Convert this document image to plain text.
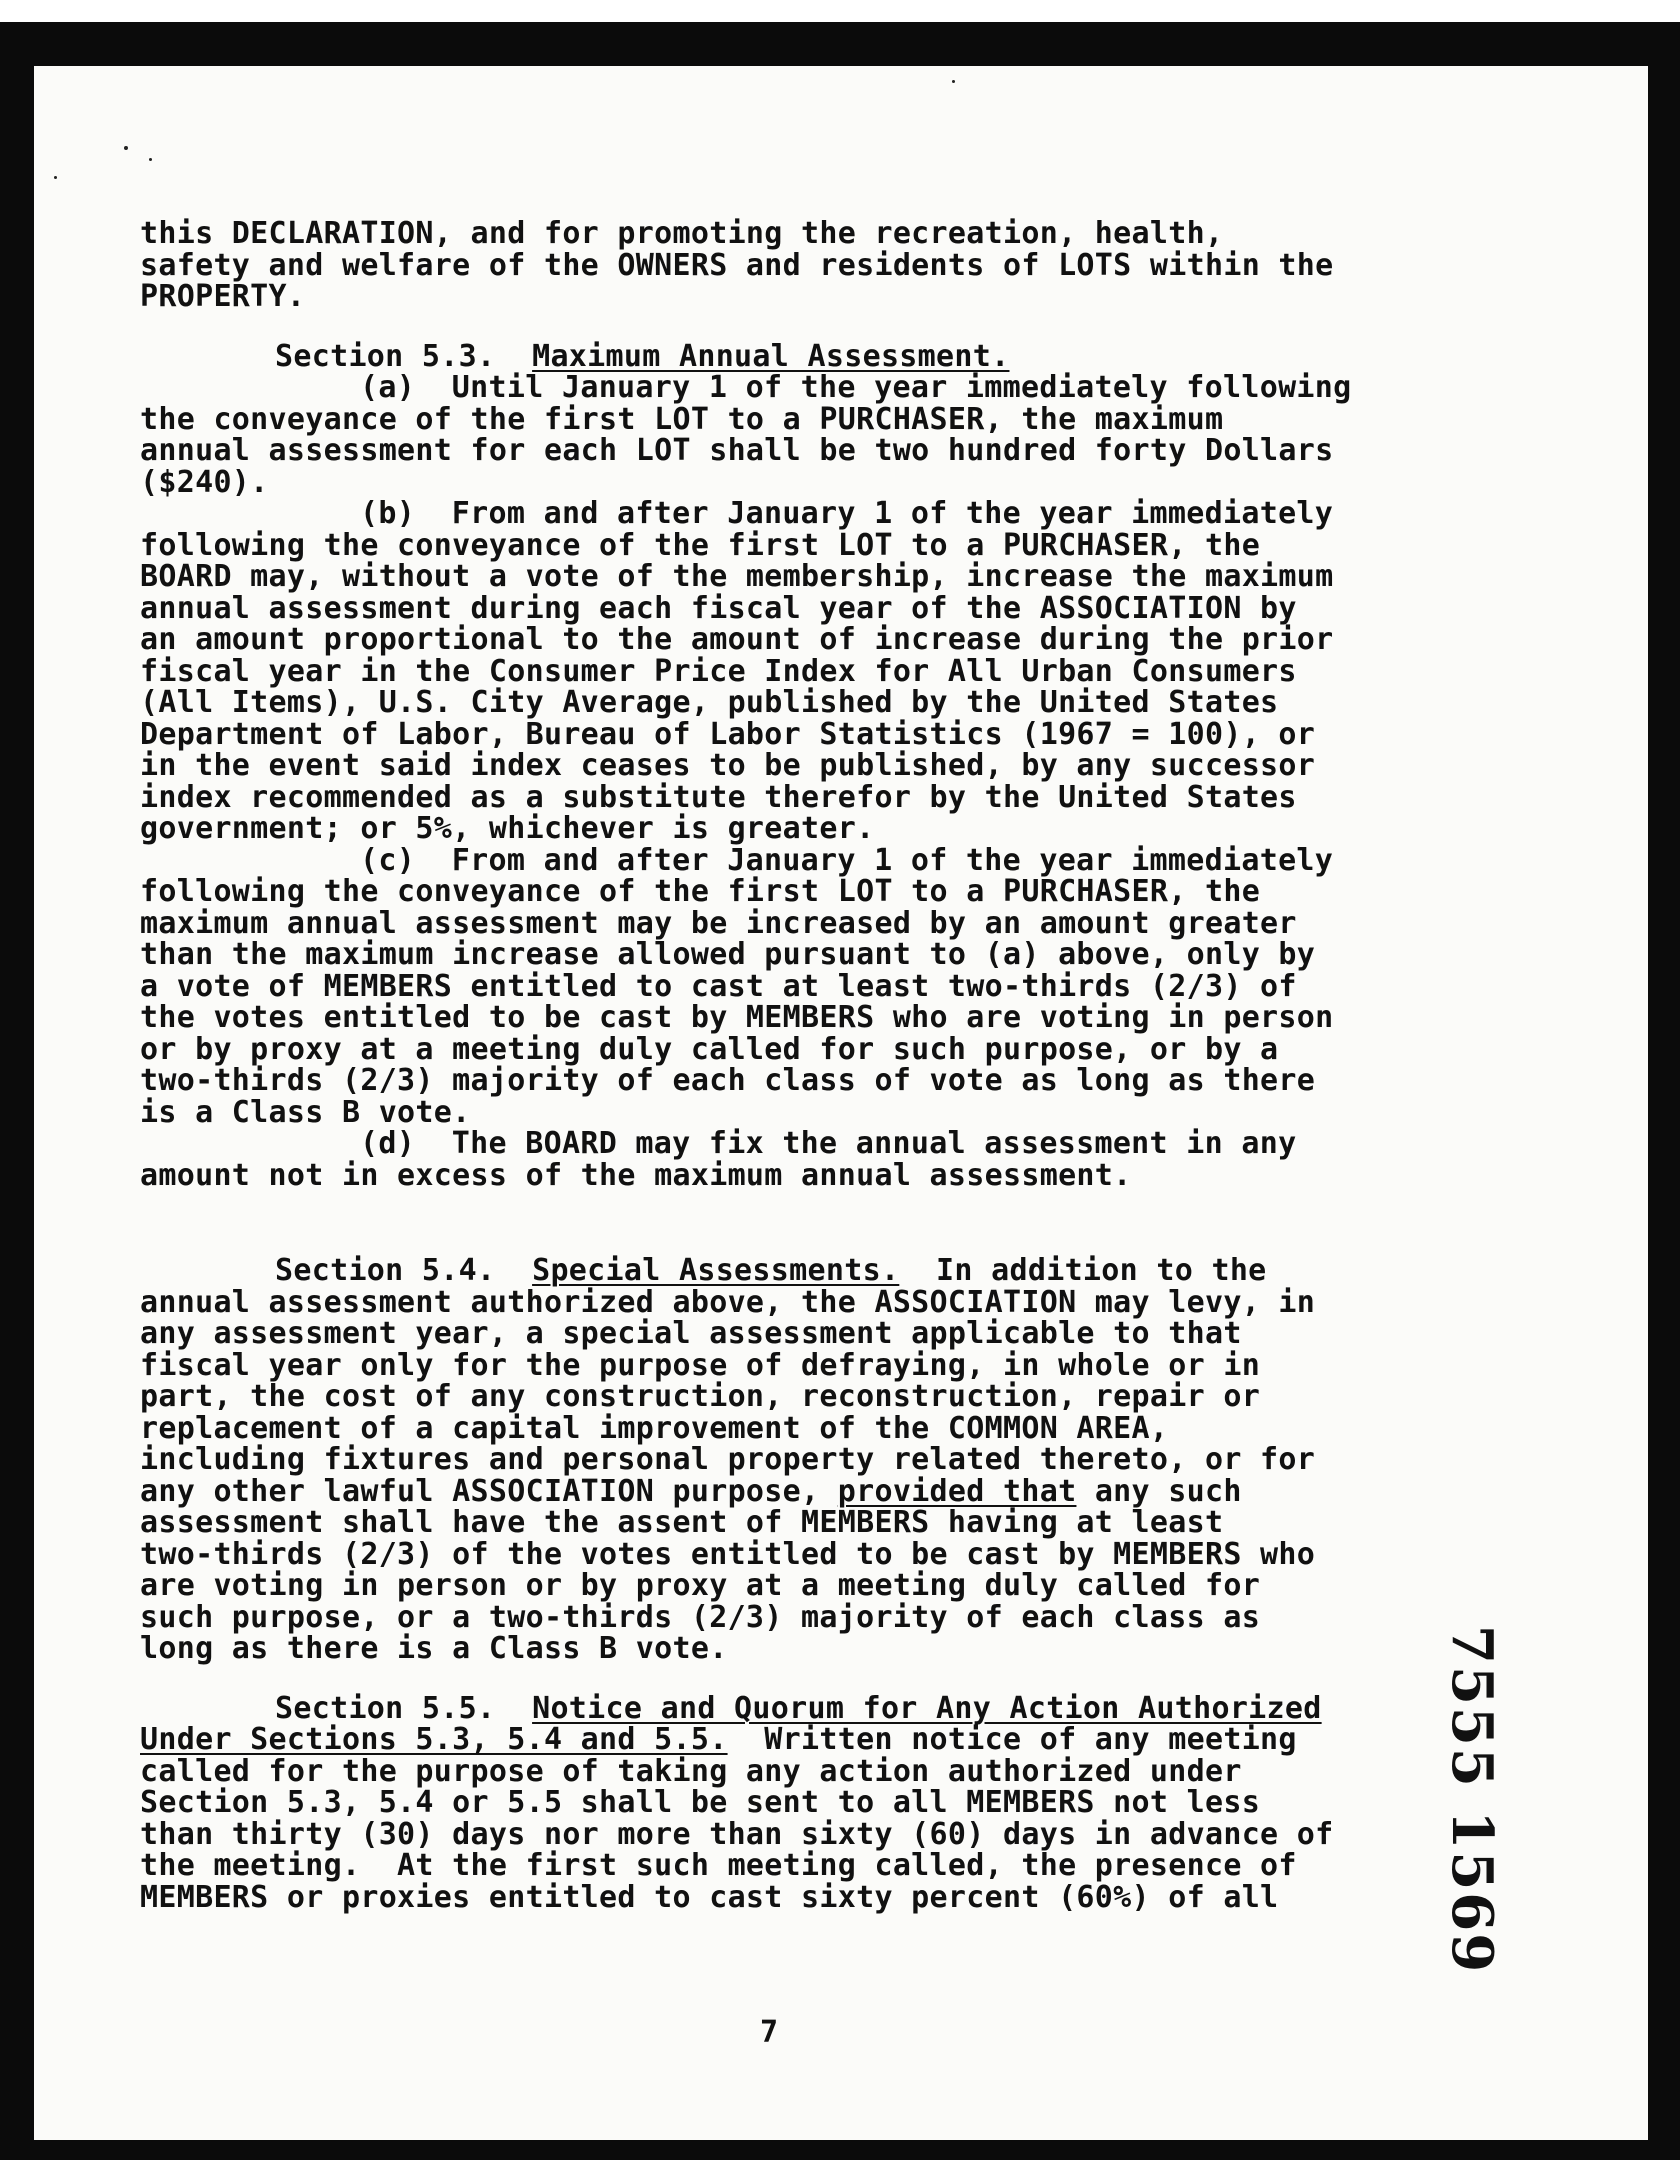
this DECLARATION, and for promoting the recreation, health,
safety and welfare of the OWNERS and residents of LOTS within the
PROPERTY.

Section 5.3. Maximum Annual Assessment.

(a)  Until January 1 of the year immediately following
the conveyance of the first LOT to a PURCHASER, the maximum
annual assessment for each LOT shall be two hundred forty Dollars
($240).

(b)  From and after January 1 of the year immediately
following the conveyance of the first LOT to a PURCHASER, the
BOARD may, without a vote of the membership, increase the maximum
annual assessment during each fiscal year of the ASSOCIATION by
an amount proportional to the amount of increase during the prior
fiscal year in the Consumer Price Index for All Urban Consumers
(All Items), U.S. City Average, published by the United States
Department of Labor, Bureau of Labor Statistics (1967 = 100), or
in the event said index ceases to be published, by any successor
index recommended as a substitute therefor by the United States
government; or 5%, whichever is greater.

(c)  From and after January 1 of the year immediately
following the conveyance of the first LOT to a PURCHASER, the
maximum annual assessment may be increased by an amount greater
than the maximum increase allowed pursuant to (a) above, only by
a vote of MEMBERS entitled to cast at least two-thirds (2/3) of
the votes entitled to be cast by MEMBERS who are voting in person
or by proxy at a meeting duly called for such purpose, or by a
two-thirds (2/3) majority of each class of vote as long as there
is a Class B vote.

(d)  The BOARD may fix the annual assessment in any
amount not in excess of the maximum annual assessment.

Section 5.4. Special Assessments.  In addition to the
annual assessment authorized above, the ASSOCIATION may levy, in
any assessment year, a special assessment applicable to that
fiscal year only for the purpose of defraying, in whole or in
part, the cost of any construction, reconstruction, repair or
replacement of a capital improvement of the COMMON AREA,
including fixtures and personal property related thereto, or for
any other lawful ASSOCIATION purpose, provided that any such
assessment shall have the assent of MEMBERS having at least
two-thirds (2/3) of the votes entitled to be cast by MEMBERS who
are voting in person or by proxy at a meeting duly called for
such purpose, or a two-thirds (2/3) majority of each class as
long as there is a Class B vote.

Section 5.5. Notice and Quorum for Any Action Authorized
Under Sections 5.3, 5.4 and 5.5.  Written notice of any meeting
called for the purpose of taking any action authorized under
Section 5.3, 5.4 or 5.5 shall be sent to all MEMBERS not less
than thirty (30) days nor more than sixty (60) days in advance of
the meeting.  At the first such meeting called, the presence of
MEMBERS or proxies entitled to cast sixty percent (60%) of all	7555 1569
7
